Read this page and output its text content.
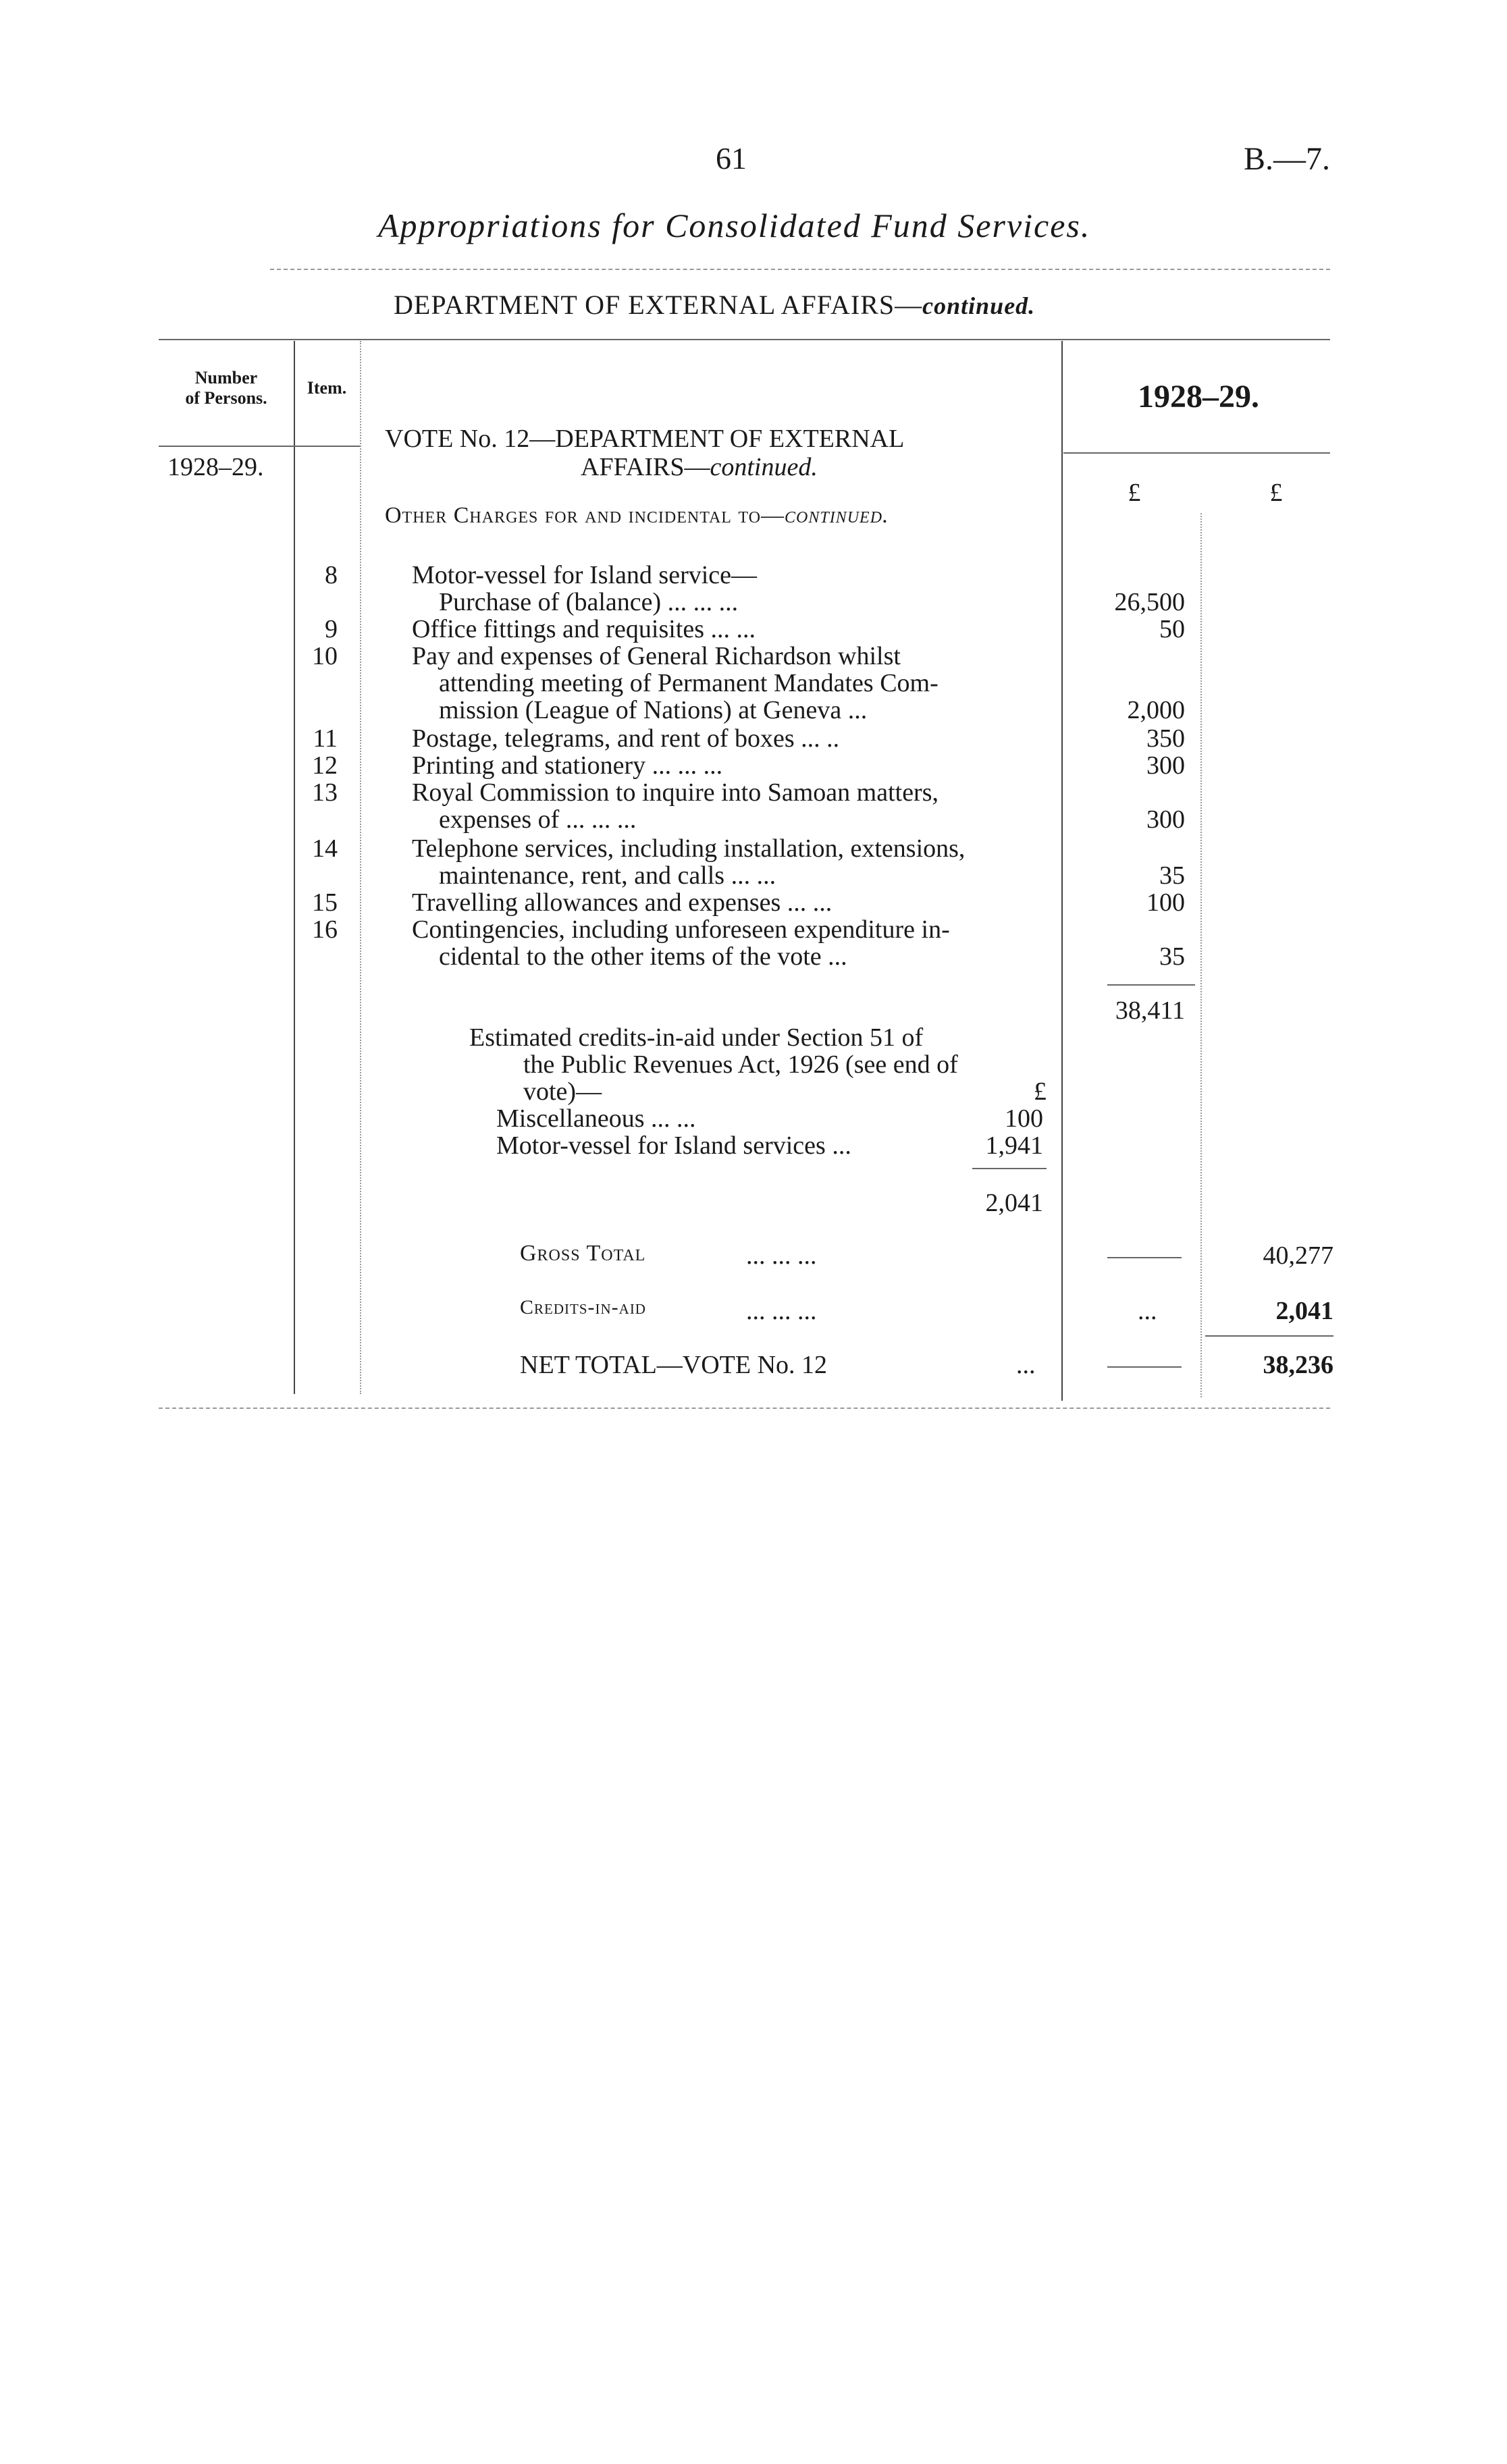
61	B.—7.
Appropriations for Consolidated Fund Services.
DEPARTMENT OF EXTERNAL AFFAIRS—continued.
Number
of Persons.
Item.
1928–29.
1928–29.
£	£
VOTE No. 12—DEPARTMENT OF EXTERNAL
AFFAIRS—continued.
Other Charges for and incidental to—continued.
8	Motor-vessel for Island service—
Purchase of (balance) ... ... ...	26,500
9	Office fittings and requisites ... ...	50
10	Pay and expenses of General Richardson whilst
attending meeting of Permanent Mandates Com-
mission (League of Nations) at Geneva ...	2,000
11	Postage, telegrams, and rent of boxes ... ..	350
12	Printing and stationery ... ... ...	300
13	Royal Commission to inquire into Samoan matters,
expenses of ... ... ...	300
14	Telephone services, including installation, extensions,
maintenance, rent, and calls ... ...	35
15	Travelling allowances and expenses ... ...	100
16	Contingencies, including unforeseen expenditure in-
cidental to the other items of the vote ...	35
38,411
Estimated credits-in-aid under Section 51 of
the Public Revenues Act, 1926 (see end of
vote)—	£
Miscellaneous ... ...	100
Motor-vessel for Island services ...	1,941
2,041
Gross Total	... ... ...	40,277
Credits-in-aid	... ... ...	...	2,041
NET TOTAL—VOTE No. 12	...	38,236
